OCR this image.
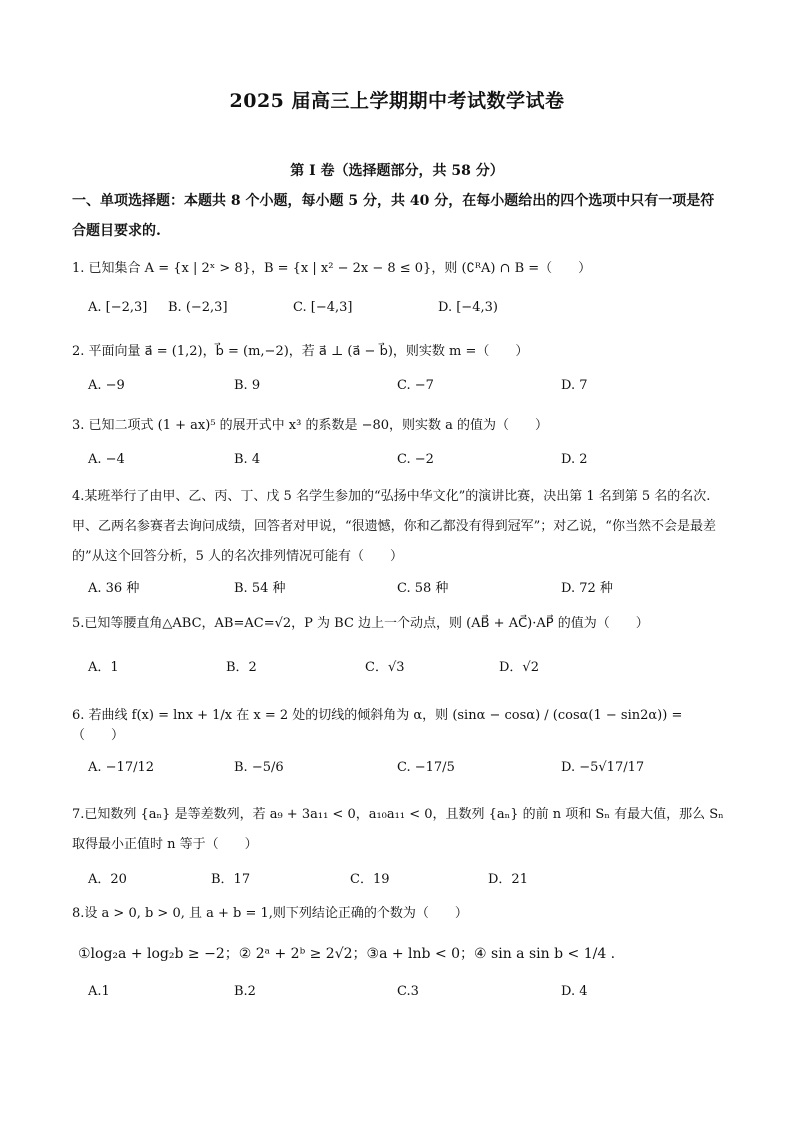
2025 届高三上学期期中考试数学试卷
第 I 卷（选择题部分，共 58 分）
一、单项选择题：本题共 8 个小题，每小题 5 分，共 40 分，在每小题给出的四个选项中只有一项是符合题目要求的.
1. 已知集合 A = {x | 2ˣ > 8}，B = {x | x² − 2x − 8 ≤ 0}，则 (∁ᴿA) ∩ B =（　　）
A. [−2,3] B. (−2,3]	C. [−4,3]	D. [−4,3)
2. 平面向量 a⃗ = (1,2)，b⃗ = (m,−2)，若 a⃗ ⊥ (a⃗ − b⃗)，则实数 m =（　　）
A. −9	B. 9	C. −7	D. 7
3. 已知二项式 (1 + ax)⁵ 的展开式中 x³ 的系数是 −80，则实数 a 的值为（　　）
A. −4	B. 4	C. −2	D. 2
4.某班举行了由甲、乙、丙、丁、戊 5 名学生参加的“弘扬中华文化”的演讲比赛，决出第 1 名到第 5 名的名次.甲、乙两名参赛者去询问成绩，回答者对甲说，“很遗憾，你和乙都没有得到冠军”；对乙说，“你当然不会是最差的”从这个回答分析，5 人的名次排列情况可能有（　　）
A. 36 种	B. 54 种	C. 58 种	D. 72 种
5.已知等腰直角△ABC，AB=AC=√2，P 为 BC 边上一个动点，则 (AB⃗ + AC⃗)·AP⃗ 的值为（　　）
A．1	B．2	C．√3	D．√2
6. 若曲线 f(x) = lnx + 1/x 在 x = 2 处的切线的倾斜角为 α，则 (sinα − cosα) / (cosα(1 − sin2α)) =（　　）
A. −17/12	B. −5/6	C. −17/5	D. −5√17/17
7.已知数列 {aₙ} 是等差数列，若 a₉ + 3a₁₁ < 0，a₁₀a₁₁ < 0，且数列 {aₙ} 的前 n 项和 Sₙ 有最大值，那么 Sₙ 取得最小正值时 n 等于（　　）
A．20	B．17	C．19	D．21
8.设 a > 0, b > 0, 且 a + b = 1,则下列结论正确的个数为（　　）
①log₂a + log₂b ≥ −2；② 2ᵃ + 2ᵇ ≥ 2√2；③a + lnb < 0；④ sin a sin b < 1/4 .
A.1	B.2	C.3	D. 4
